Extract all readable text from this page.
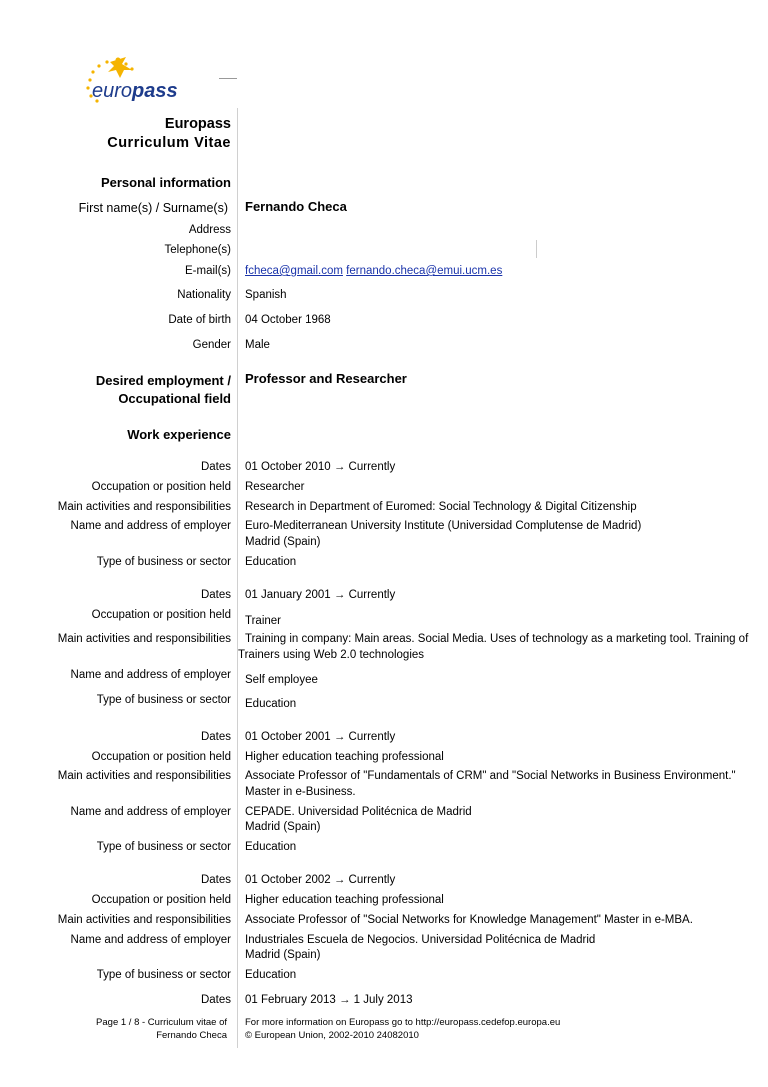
europass
Europass
Curriculum Vitae
Personal information
First name(s) / Surname(s) Fernando Checa
Address
Telephone(s)
E-mail(s) fcheca@gmail.com fernando.checa@emui.ucm.es
Nationality Spanish
Date of birth 04 October 1968
Gender Male
Desired employment /
Occupational field
Professor and Researcher
Work experience
Dates 01 October 2010 → Currently
Occupation or position held Researcher
Main activities and responsibilities Research in Department of Euromed: Social Technology & Digital Citizenship
Name and address of employer Euro-Mediterranean University Institute (Universidad Complutense de Madrid)
Madrid (Spain)
Type of business or sector Education
Dates 01 January 2001 → Currently
Occupation or position held Trainer
Main activities and responsibilities Training in company: Main areas. Social Media. Uses of technology as a marketing tool. Training of
Trainers using Web 2.0 technologies
Name and address of employer Self employee
Type of business or sector Education
Dates 01 October 2001 → Currently
Occupation or position held Higher education teaching professional
Main activities and responsibilities Associate Professor of "Fundamentals of CRM" and "Social Networks in Business Environment."
Master in e-Business.
Name and address of employer CEPADE. Universidad Politécnica de Madrid
Madrid (Spain)
Type of business or sector Education
Dates 01 October 2002 → Currently
Occupation or position held Higher education teaching professional
Main activities and responsibilities Associate Professor of "Social Networks for Knowledge Management" Master in e-MBA.
Name and address of employer Industriales Escuela de Negocios. Universidad Politécnica de Madrid
Madrid (Spain)
Type of business or sector Education
Dates 01 February 2013 → 1 July 2013
Page 1 / 8 - Curriculum vitae of
Fernando Checa
For more information on Europass go to http://europass.cedefop.europa.eu
© European Union, 2002-2010 24082010
